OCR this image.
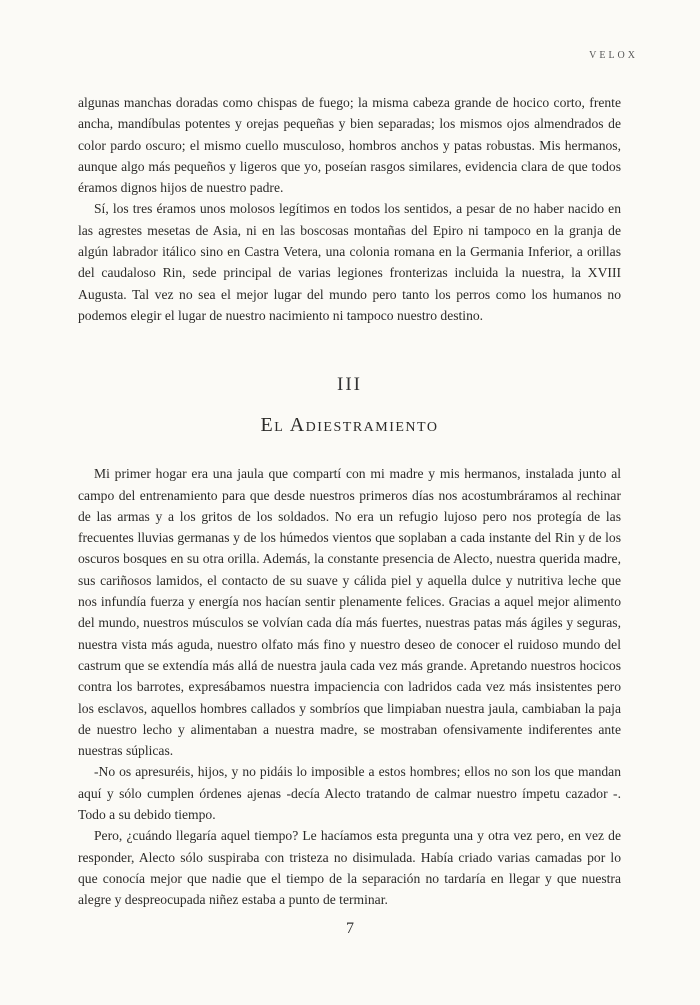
VELOX

algunas manchas doradas como chispas de fuego; la misma cabeza grande de hocico corto, frente ancha, mandíbulas potentes y orejas pequeñas y bien separadas; los mismos ojos almendrados de color pardo oscuro; el mismo cuello musculoso, hombros anchos y patas robustas. Mis hermanos, aunque algo más pequeños y ligeros que yo, poseían rasgos similares, evidencia clara de que todos éramos dignos hijos de nuestro padre.

Sí, los tres éramos unos molosos legítimos en todos los sentidos, a pesar de no haber nacido en las agrestes mesetas de Asia, ni en las boscosas montañas del Epiro ni tampoco en la granja de algún labrador itálico sino en Castra Vetera, una colonia romana en la Germania Inferior, a orillas del caudaloso Rin, sede principal de varias legiones fronterizas incluida la nuestra, la XVIII Augusta. Tal vez no sea el mejor lugar del mundo pero tanto los perros como los humanos no podemos elegir el lugar de nuestro nacimiento ni tampoco nuestro destino.

III
El Adiestramiento

Mi primer hogar era una jaula que compartí con mi madre y mis hermanos, instalada junto al campo del entrenamiento para que desde nuestros primeros días nos acostumbráramos al rechinar de las armas y a los gritos de los soldados. No era un refugio lujoso pero nos protegía de las frecuentes lluvias germanas y de los húmedos vientos que soplaban a cada instante del Rin y de los oscuros bosques en su otra orilla. Además, la constante presencia de Alecto, nuestra querida madre, sus cariñosos lamidos, el contacto de su suave y cálida piel y aquella dulce y nutritiva leche que nos infundía fuerza y energía nos hacían sentir plenamente felices. Gracias a aquel mejor alimento del mundo, nuestros músculos se volvían cada día más fuertes, nuestras patas más ágiles y seguras, nuestra vista más aguda, nuestro olfato más fino y nuestro deseo de conocer el ruidoso mundo del castrum que se extendía más allá de nuestra jaula cada vez más grande. Apretando nuestros hocicos contra los barrotes, expresábamos nuestra impaciencia con ladridos cada vez más insistentes pero los esclavos, aquellos hombres callados y sombríos que limpiaban nuestra jaula, cambiaban la paja de nuestro lecho y alimentaban a nuestra madre, se mostraban ofensivamente indiferentes ante nuestras súplicas.

-No os apresuréis, hijos, y no pidáis lo imposible a estos hombres; ellos no son los que mandan aquí y sólo cumplen órdenes ajenas -decía Alecto tratando de calmar nuestro ímpetu cazador -. Todo a su debido tiempo.

Pero, ¿cuándo llegaría aquel tiempo? Le hacíamos esta pregunta una y otra vez pero, en vez de responder, Alecto sólo suspiraba con tristeza no disimulada. Había criado varias camadas por lo que conocía mejor que nadie que el tiempo de la separación no tardaría en llegar y que nuestra alegre y despreocupada niñez estaba a punto de terminar.

7
